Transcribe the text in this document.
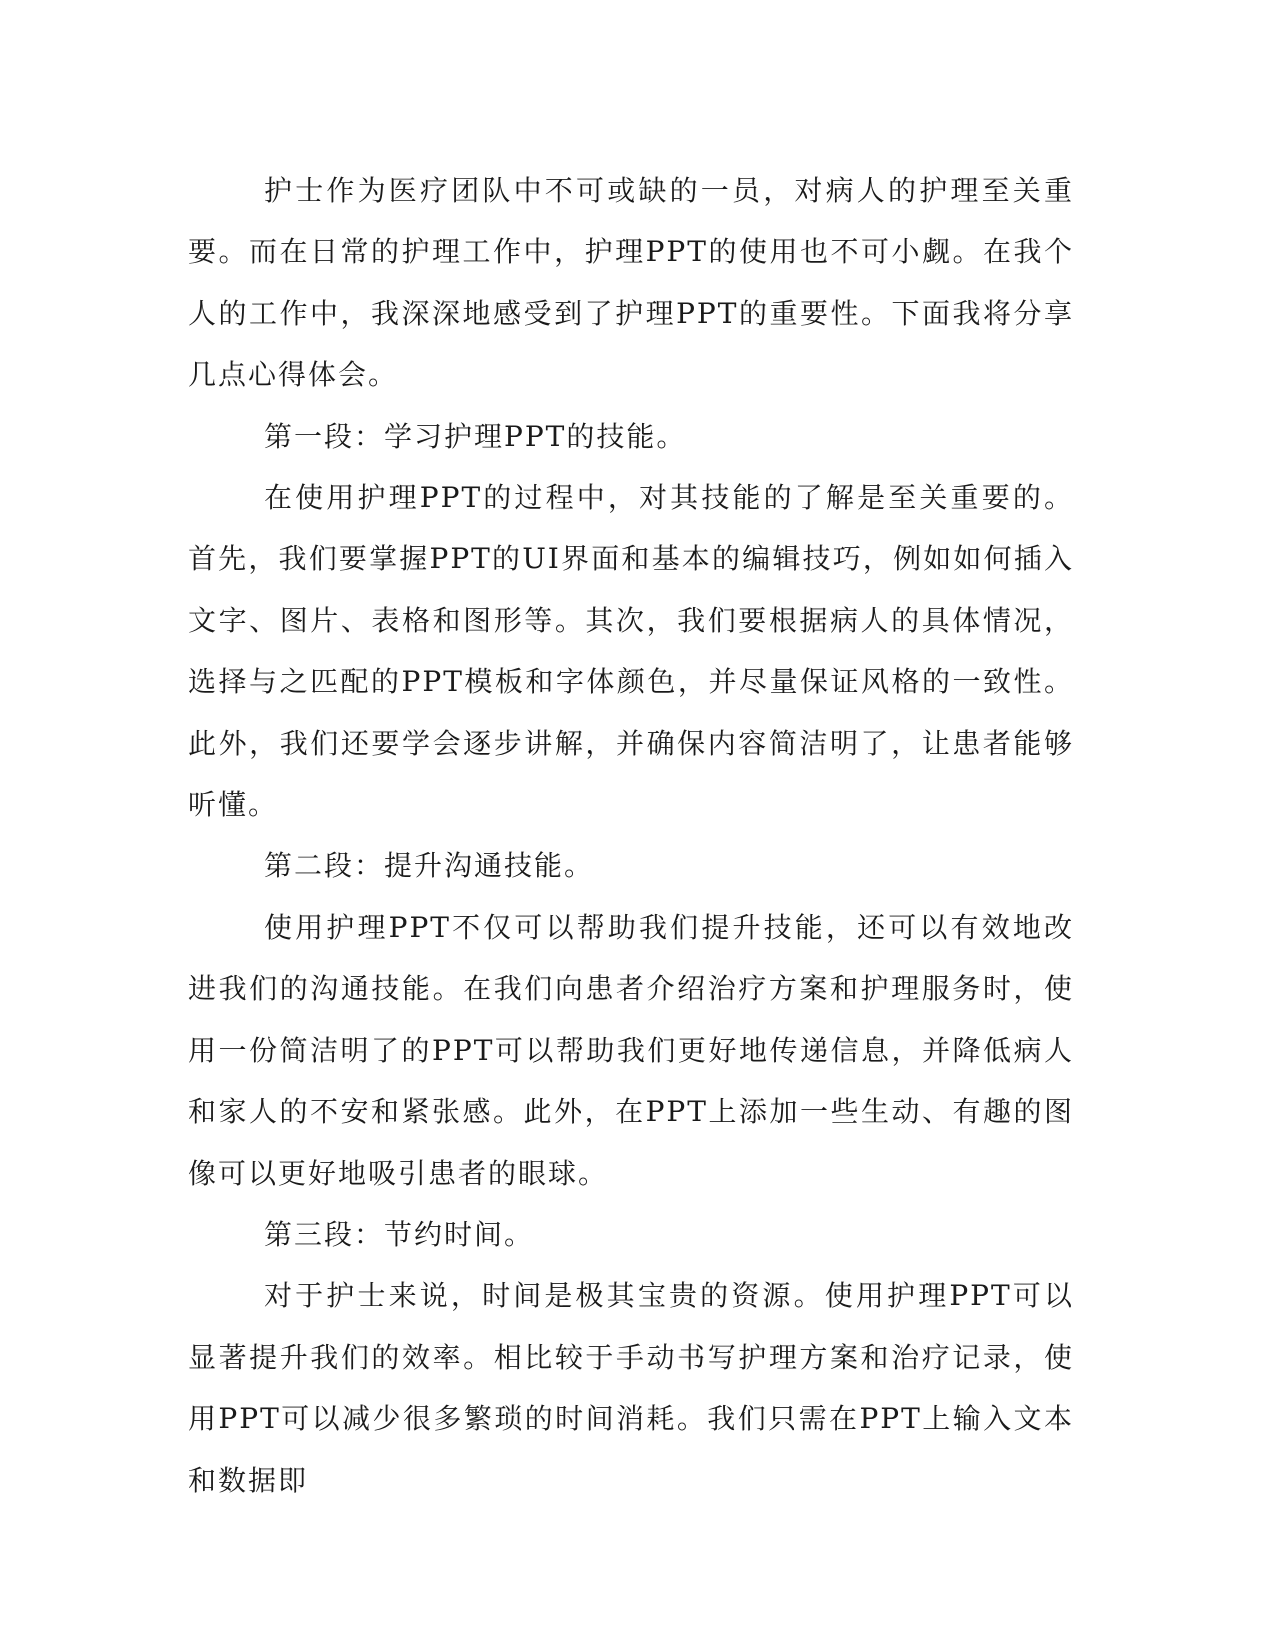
护士作为医疗团队中不可或缺的一员，对病人的护理至关重要。而在日常的护理工作中，护理PPT的使用也不可小觑。在我个人的工作中，我深深地感受到了护理PPT的重要性。下面我将分享几点心得体会。

第一段：学习护理PPT的技能。

在使用护理PPT的过程中，对其技能的了解是至关重要的。首先，我们要掌握PPT的UI界面和基本的编辑技巧，例如如何插入文字、图片、表格和图形等。其次，我们要根据病人的具体情况，选择与之匹配的PPT模板和字体颜色，并尽量保证风格的一致性。此外，我们还要学会逐步讲解，并确保内容简洁明了，让患者能够听懂。

第二段：提升沟通技能。

使用护理PPT不仅可以帮助我们提升技能，还可以有效地改进我们的沟通技能。在我们向患者介绍治疗方案和护理服务时，使用一份简洁明了的PPT可以帮助我们更好地传递信息，并降低病人和家人的不安和紧张感。此外，在PPT上添加一些生动、有趣的图像可以更好地吸引患者的眼球。

第三段：节约时间。

对于护士来说，时间是极其宝贵的资源。使用护理PPT可以显著提升我们的效率。相比较于手动书写护理方案和治疗记录，使用PPT可以减少很多繁琐的时间消耗。我们只需在PPT上输入文本和数据即
